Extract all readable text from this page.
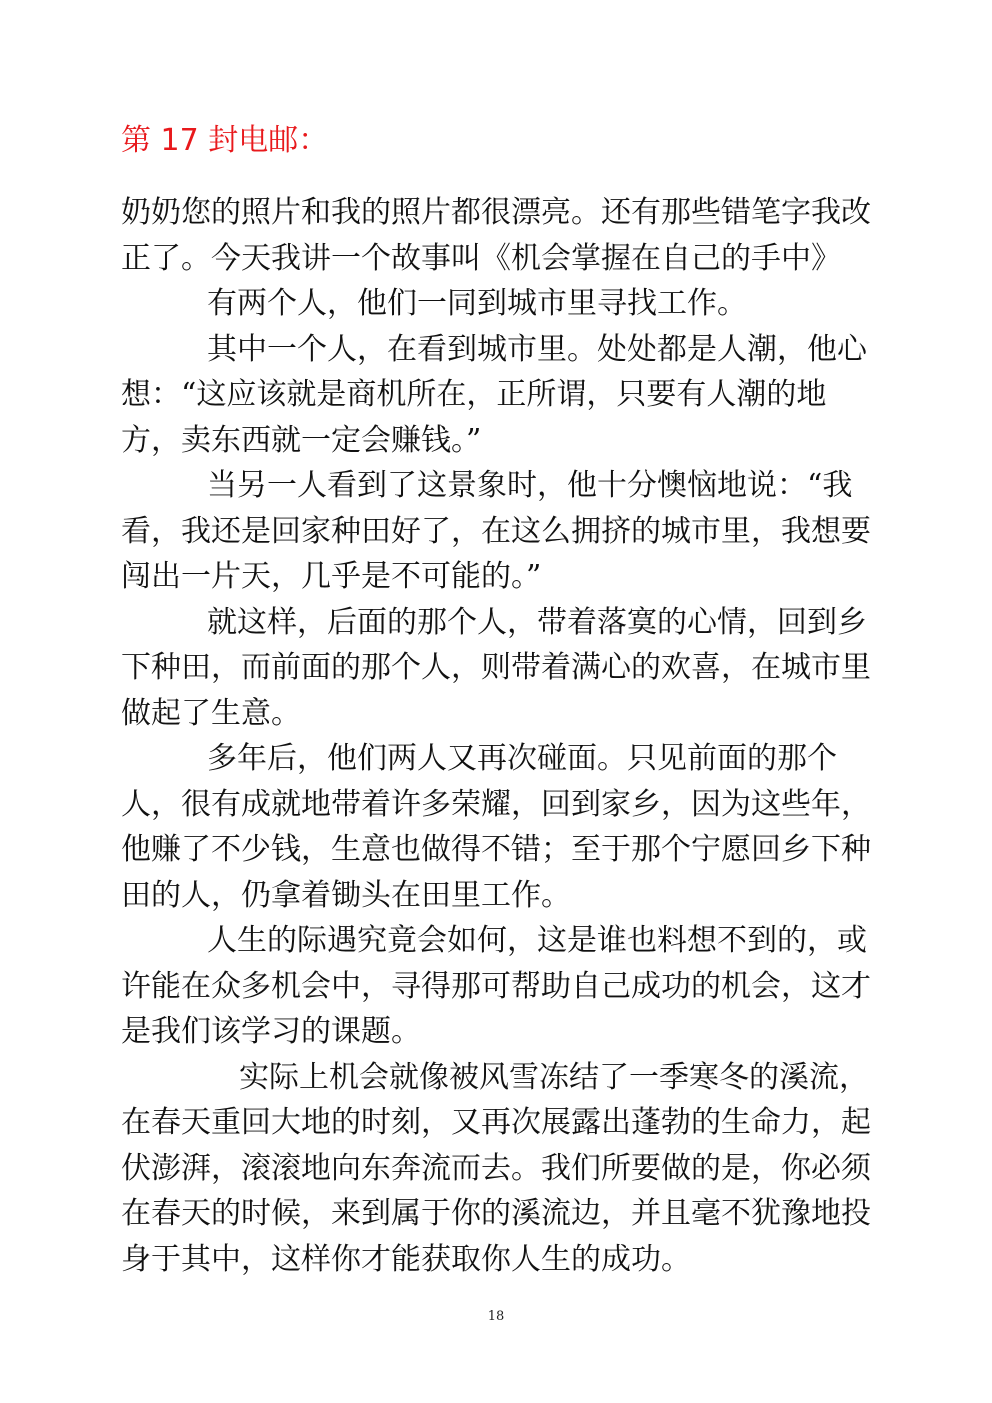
第 17 封电邮：
奶奶您的照片和我的照片都很漂亮。还有那些错笔字我改
正了。今天我讲一个故事叫《机会掌握在自己的手中》
有两个人，他们一同到城市里寻找工作。
其中一个人，在看到城市里。处处都是人潮，他心
想：“这应该就是商机所在，正所谓，只要有人潮的地
方，卖东西就一定会赚钱。”
当另一人看到了这景象时，他十分懊恼地说：“我
看，我还是回家种田好了，在这么拥挤的城市里，我想要
闯出一片天，几乎是不可能的。”
就这样，后面的那个人，带着落寞的心情，回到乡
下种田，而前面的那个人，则带着满心的欢喜，在城市里
做起了生意。
多年后，他们两人又再次碰面。只见前面的那个
人，很有成就地带着许多荣耀，回到家乡，因为这些年，
他赚了不少钱，生意也做得不错；至于那个宁愿回乡下种
田的人，仍拿着锄头在田里工作。
人生的际遇究竟会如何，这是谁也料想不到的，或
许能在众多机会中，寻得那可帮助自己成功的机会，这才
是我们该学习的课题。
实际上机会就像被风雪冻结了一季寒冬的溪流，
在春天重回大地的时刻，又再次展露出蓬勃的生命力，起
伏澎湃，滚滚地向东奔流而去。我们所要做的是，你必须
在春天的时候，来到属于你的溪流边，并且毫不犹豫地投
身于其中，这样你才能获取你人生的成功。
18
